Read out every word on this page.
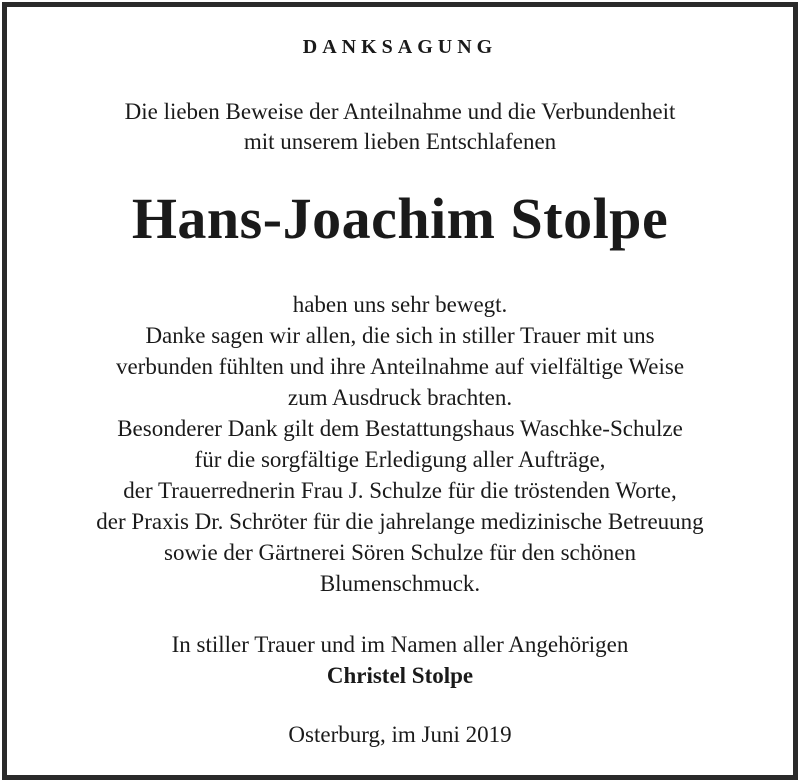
DANKSAGUNG
Die lieben Beweise der Anteilnahme und die Verbundenheit
mit unserem lieben Entschlafenen
Hans-Joachim Stolpe
haben uns sehr bewegt.
Danke sagen wir allen, die sich in stiller Trauer mit uns
verbunden fühlten und ihre Anteilnahme auf vielfältige Weise
zum Ausdruck brachten.
Besonderer Dank gilt dem Bestattungshaus Waschke-Schulze
für die sorgfältige Erledigung aller Aufträge,
der Trauerrednerin Frau J. Schulze für die tröstenden Worte,
der Praxis Dr. Schröter für die jahrelange medizinische Betreuung
sowie der Gärtnerei Sören Schulze für den schönen
Blumenschmuck.
In stiller Trauer und im Namen aller Angehörigen
Christel Stolpe
Osterburg, im Juni 2019
